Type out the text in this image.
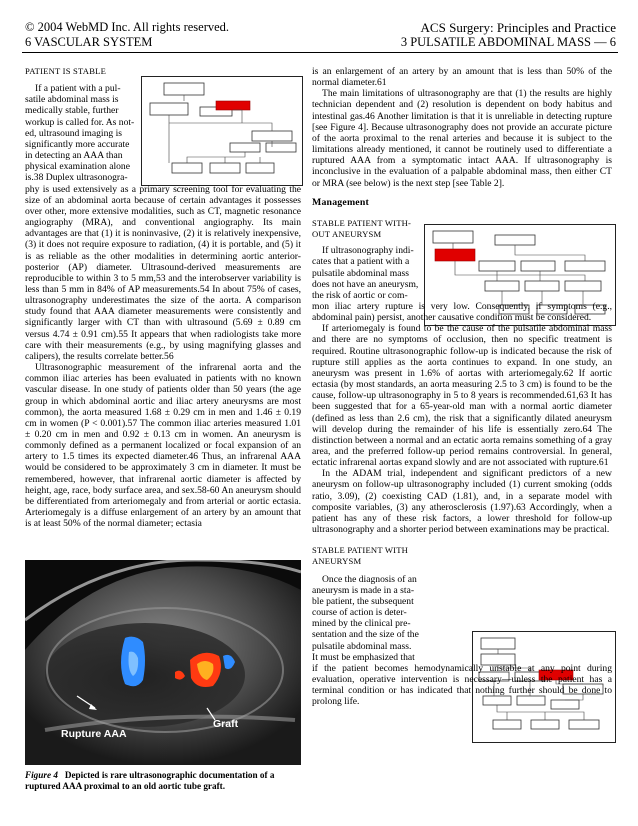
© 2004 WebMD Inc. All rights reserved.
6 VASCULAR SYSTEM
ACS Surgery: Principles and Practice
3 PULSATILE ABDOMINAL MASS — 6
PATIENT IS STABLE
If a patient with a pul-
satile abdominal mass is
medically stable, further
workup is called for. As not-
ed, ultrasound imaging is
significantly more accurate
in detecting an AAA than
physical examination alone
is.38 Duplex ultrasonogra-

phy is used extensively as a primary screening tool for evaluating the size of an abdominal aorta because of certain advantages it possesses over other, more extensive modalities, such as CT, magnetic resonance angiography (MRA), and conventional angiography. Its main advantages are that (1) it is noninvasive, (2) it is relatively inexpensive, (3) it does not require exposure to radiation, (4) it is portable, and (5) it is as reliable as the other modalities in determining aortic anterior-posterior (AP) diameter. Ultrasound-derived measurements are reproducible to within 3 to 5 mm,53 and the interobserver variability is less than 5 mm in 84% of AP measurements.54 In about 75% of cases, ultrasonography underestimates the size of the aorta. A comparison study found that AAA diameter measurements were consistently and significantly larger with CT than with ultrasound (5.69 ± 0.89 cm versus 4.74 ± 0.91 cm).55 It appears that when radiologists take more care with their measurements (e.g., by using magnifying glasses and calipers), the results correlate better.56

Ultrasonographic measurement of the infrarenal aorta and the common iliac arteries has been evaluated in patients with no known vascular disease. In one study of patients older than 50 years (the age group in which abdominal aortic and iliac artery aneurysms are most common), the aorta measured 1.68 ± 0.29 cm in men and 1.46 ± 0.19 cm in women (P < 0.001).57 The common iliac arteries measured 1.01 ± 0.20 cm in men and 0.92 ± 0.13 cm in women. An aneurysm is commonly defined as a permanent localized or focal expansion of an artery to 1.5 times its expected diameter.46 Thus, an infrarenal AAA would be considered to be approximately 3 cm in diameter. It must be remembered, however, that infrarenal aortic diameter is affected by height, age, race, body surface area, and sex.58-60 An aneurysm should be differentiated from arteriomegaly and from arterial or aortic ectasia. Arteriomegaly is a diffuse enlargement of an artery by an amount that is at least 50% of the normal diameter; ectasia

Rupture AAA
Graft
Figure 4 Depicted is rare ultrasonographic documentation of a ruptured AAA proximal to an old aortic tube graft.

is an enlargement of an artery by an amount that is less than 50% of the normal diameter.61

The main limitations of ultrasonography are that (1) the results are highly technician dependent and (2) resolution is dependent on body habitus and intestinal gas.46 Another limitation is that it is unreliable in detecting rupture [see Figure 4]. Because ultrasonography does not provide an accurate picture of the aorta proximal to the renal arteries and because it is subject to the limitations already mentioned, it cannot be routinely used to differentiate a ruptured AAA from a symptomatic intact AAA. If ultrasonography is inconclusive in the evaluation of a palpable abdominal mass, then either CT or MRA (see below) is the next step [see Table 2].

Management
STABLE PATIENT WITH-
OUT ANEURYSM
If ultrasonography indi-
cates that a patient with a
pulsatile abdominal mass
does not have an aneurysm,
the risk of aortic or com-

mon iliac artery rupture is very low. Consequently, if symptoms (e.g., abdominal pain) persist, another causative condition must be considered.

If arteriomegaly is found to be the cause of the pulsatile abdominal mass and there are no symptoms of occlusion, then no specific treatment is required. Routine ultrasonographic follow-up is indicated because the risk of rupture still applies as the aorta continues to expand. In one study, an aneurysm was present in 1.6% of aortas with arteriomegaly.62 If aortic ectasia (by most standards, an aorta measuring 2.5 to 3 cm) is found to be the cause, follow-up ultrasonography in 5 to 8 years is recommended.61,63 It has been suggested that for a 65-year-old man with a normal aortic diameter (defined as less than 2.6 cm), the risk that a significantly dilated aneurysm will develop during the remainder of his life is essentially zero.64 The distinction between a normal and an ectatic aorta remains something of a gray area, and the preferred follow-up period remains controversial. In general, ectatic infrarenal aortas expand slowly and are not associated with rupture.61

In the ADAM trial, independent and significant predictors of a new aneurysm on follow-up ultrasonography included (1) current smoking (odds ratio, 3.09), (2) coexisting CAD (1.81), and, in a separate model with composite variables, (3) any atherosclerosis (1.97).63 Accordingly, when a patient has any of these risk factors, a lower threshold for follow-up ultrasonography and a shorter period between examinations may be practical.

STABLE PATIENT WITH
ANEURYSM
Once the diagnosis of an
aneurysm is made in a sta-
ble patient, the subsequent
course of action is deter-
mined by the clinical pre-
sentation and the size of the
pulsatile abdominal mass.
It must be emphasized that

if the patient becomes hemodynamically unstable at any point during evaluation, operative intervention is necessary—unless the patient has a terminal condition or has indicated that nothing further should be done to prolong life.
